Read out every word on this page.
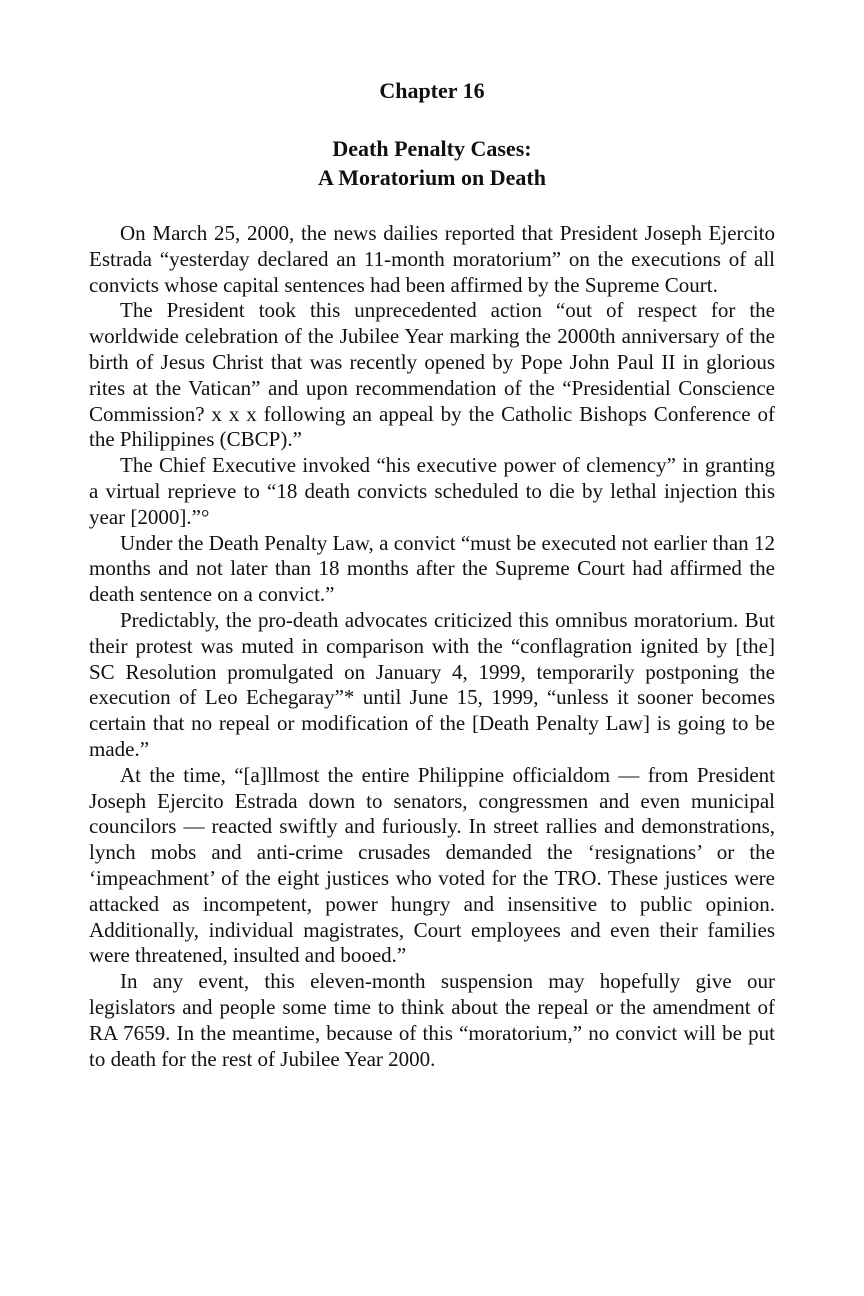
Chapter 16
Death Penalty Cases:
A Moratorium on Death

On March 25, 2000, the news dailies reported that President Joseph Ejercito Estrada “yesterday declared an 11-month moratorium” on the executions of all convicts whose capital sentences had been affirmed by the Supreme Court.

The President took this unprecedented action “out of respect for the worldwide celebration of the Jubilee Year marking the 2000th anniversary of the birth of Jesus Christ that was recently opened by Pope John Paul II in glorious rites at the Vatican” and upon recommendation of the “Presidential Conscience Commission? x x x following an appeal by the Catholic Bishops Conference of the Philippines (CBCP).”

The Chief Executive invoked “his executive power of clemency” in granting a virtual reprieve to “18 death convicts scheduled to die by lethal injection this year [2000].”°

Under the Death Penalty Law, a convict “must be executed not earlier than 12 months and not later than 18 months after the Supreme Court had affirmed the death sentence on a convict.”

Predictably, the pro-death advocates criticized this omnibus moratorium. But their protest was muted in comparison with the “conflagration ignited by [the] SC Resolution promulgated on January 4, 1999, temporarily postponing the execution of Leo Echegaray”* until June 15, 1999, “unless it sooner becomes certain that no repeal or modification of the [Death Penalty Law] is going to be made.”

At the time, “[a]llmost the entire Philippine officialdom — from President Joseph Ejercito Estrada down to senators, congressmen and even municipal councilors — reacted swiftly and furiously. In street rallies and demonstrations, lynch mobs and anti-crime crusades demanded the ‘resignations’ or the ‘impeachment’ of the eight justices who voted for the TRO. These justices were attacked as incompetent, power hungry and insensitive to public opinion. Additionally, individual magistrates, Court employees and even their families were threatened, insulted and booed.”

In any event, this eleven-month suspension may hopefully give our legislators and people some time to think about the repeal or the amendment of RA 7659. In the meantime, because of this “moratorium,” no convict will be put to death for the rest of Jubilee Year 2000.
